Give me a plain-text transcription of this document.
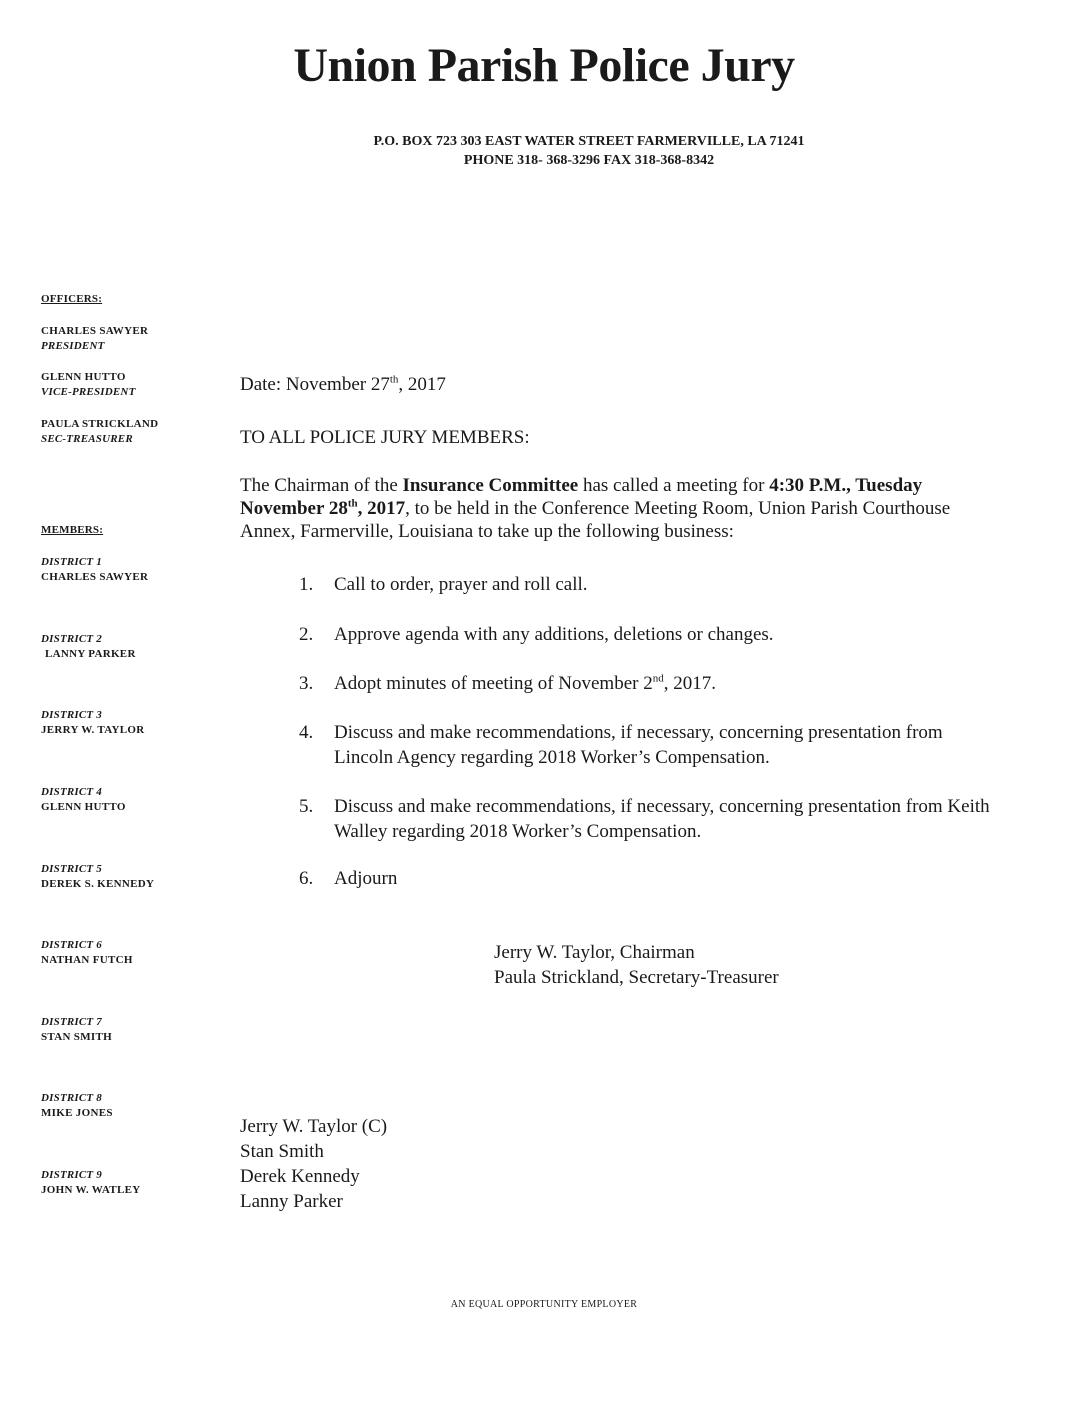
Union Parish Police Jury
P.O. BOX 723 303 EAST WATER STREET FARMERVILLE, LA 71241
PHONE 318- 368-3296 FAX 318-368-8342
OFFICERS:
CHARLES SAWYER
PRESIDENT
GLENN HUTTO
VICE-PRESIDENT
PAULA STRICKLAND
SEC-TREASURER
MEMBERS:
DISTRICT 1
CHARLES SAWYER
DISTRICT 2
LANNY PARKER
DISTRICT 3
JERRY W. TAYLOR
DISTRICT 4
GLENN HUTTO
DISTRICT 5
DEREK S. KENNEDY
DISTRICT 6
NATHAN FUTCH
DISTRICT 7
STAN SMITH
DISTRICT 8
MIKE JONES
DISTRICT 9
JOHN W. WATLEY
Date: November 27th, 2017
TO ALL POLICE JURY MEMBERS:
The Chairman of the Insurance Committee has called a meeting for 4:30 P.M., Tuesday November 28th, 2017, to be held in the Conference Meeting Room, Union Parish Courthouse Annex, Farmerville, Louisiana to take up the following business:
1. Call to order, prayer and roll call.
2. Approve agenda with any additions, deletions or changes.
3. Adopt minutes of meeting of November 2nd, 2017.
4. Discuss and make recommendations, if necessary, concerning presentation from Lincoln Agency regarding 2018 Worker’s Compensation.
5. Discuss and make recommendations, if necessary, concerning presentation from Keith Walley regarding 2018 Worker’s Compensation.
6. Adjourn
Jerry W. Taylor, Chairman
Paula Strickland, Secretary-Treasurer
Jerry W. Taylor (C)
Stan Smith
Derek Kennedy
Lanny Parker
AN EQUAL OPPORTUNITY EMPLOYER
